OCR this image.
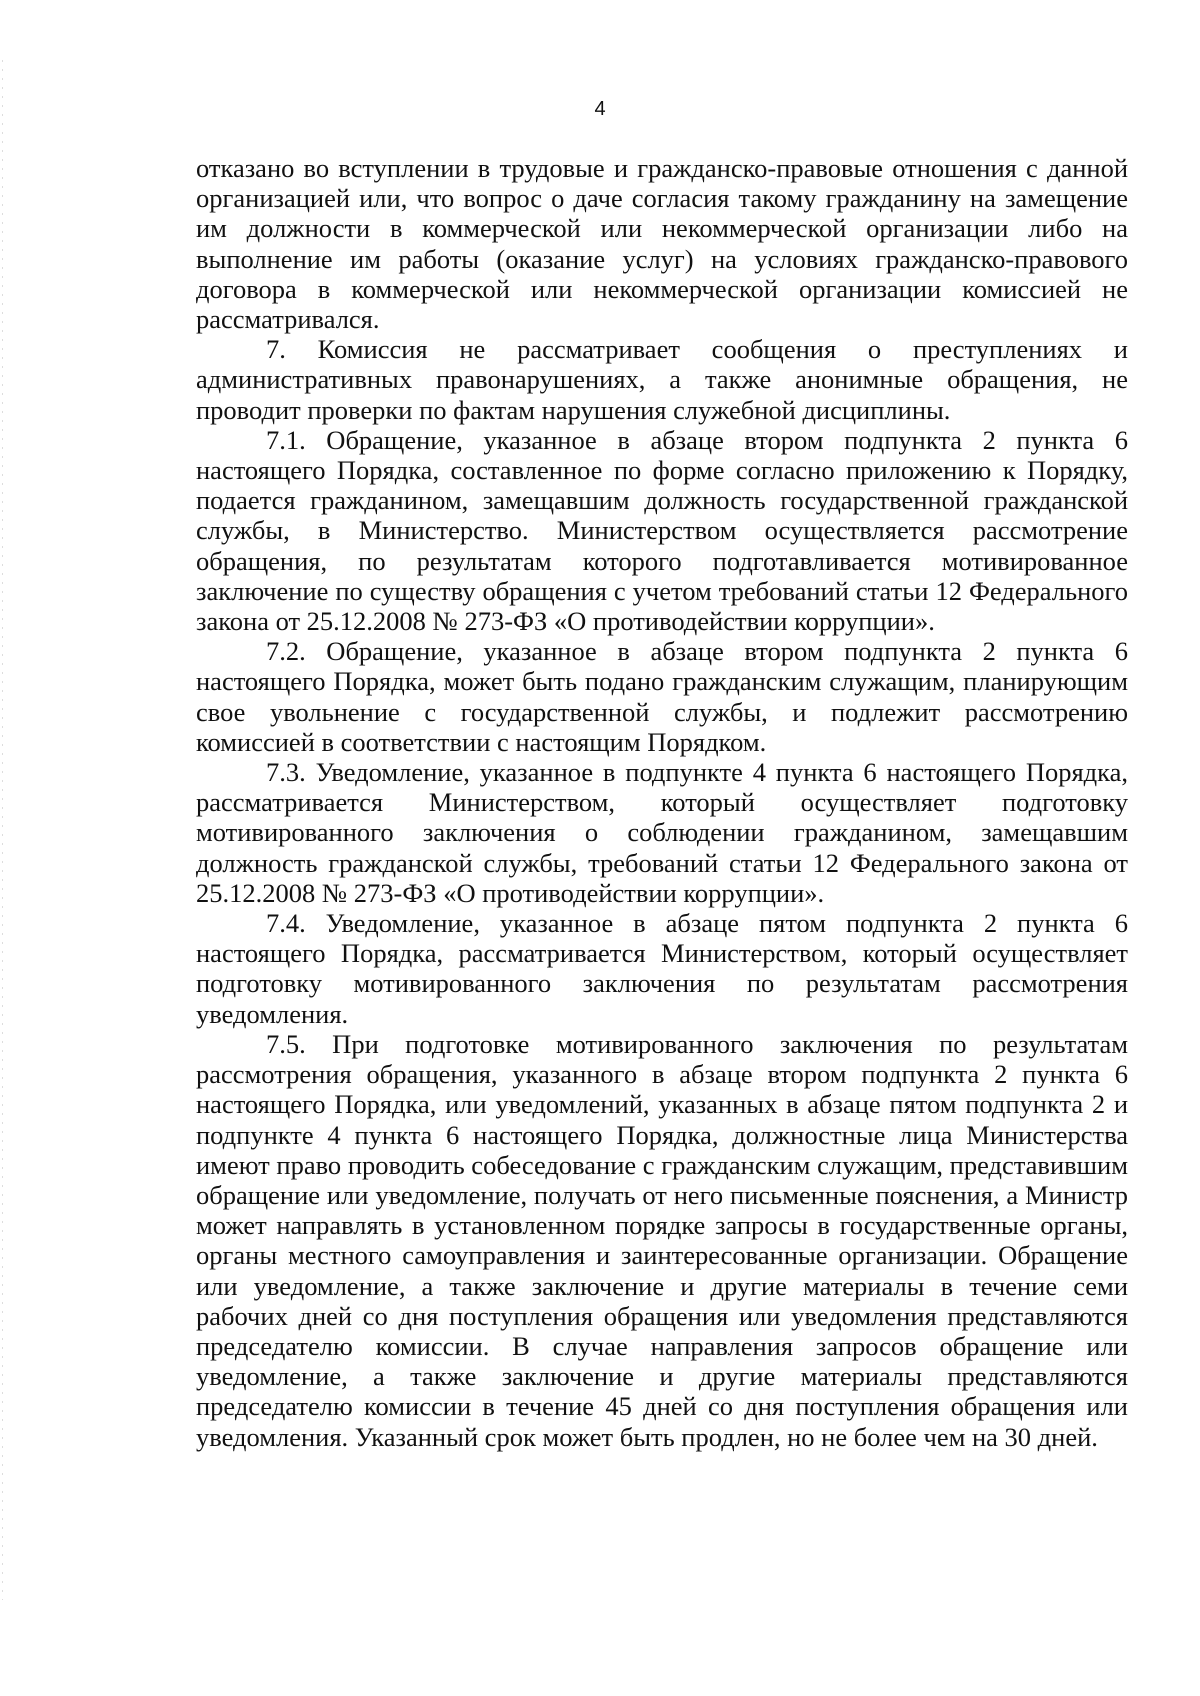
4

отказано во вступлении в трудовые и гражданско-правовые отношения с данной организацией или, что вопрос о даче согласия такому гражданину на замещение им должности в коммерческой или некоммерческой организации либо на выполнение им работы (оказание услуг) на условиях гражданско-правового договора в коммерческой или некоммерческой организации комиссией не рассматривался.

7. Комиссия не рассматривает сообщения о преступлениях и административных правонарушениях, а также анонимные обращения, не проводит проверки по фактам нарушения служебной дисциплины.

7.1. Обращение, указанное в абзаце втором подпункта 2 пункта 6 настоящего Порядка, составленное по форме согласно приложению к Порядку, подается гражданином, замещавшим должность государственной гражданской службы, в Министерство. Министерством осуществляется рассмотрение обращения, по результатам которого подготавливается мотивированное заключение по существу обращения с учетом требований статьи 12 Федерального закона от 25.12.2008 № 273-ФЗ «О противодействии коррупции».

7.2. Обращение, указанное в абзаце втором подпункта 2 пункта 6 настоящего Порядка, может быть подано гражданским служащим, планирующим свое увольнение с государственной службы, и подлежит рассмотрению комиссией в соответствии с настоящим Порядком.

7.3. Уведомление, указанное в подпункте 4 пункта 6 настоящего Порядка, рассматривается Министерством, который осуществляет подготовку мотивированного заключения о соблюдении гражданином, замещавшим должность гражданской службы, требований статьи 12 Федерального закона от 25.12.2008 № 273-ФЗ «О противодействии коррупции».

7.4. Уведомление, указанное в абзаце пятом подпункта 2 пункта 6 настоящего Порядка, рассматривается Министерством, который осуществляет подготовку мотивированного заключения по результатам рассмотрения уведомления.

7.5. При подготовке мотивированного заключения по результатам рассмотрения обращения, указанного в абзаце втором подпункта 2 пункта 6 настоящего Порядка, или уведомлений, указанных в абзаце пятом подпункта 2 и подпункте 4 пункта 6 настоящего Порядка, должностные лица Министерства имеют право проводить собеседование с гражданским служащим, представившим обращение или уведомление, получать от него письменные пояснения, а Министр может направлять в установленном порядке запросы в государственные органы, органы местного самоуправления и заинтересованные организации. Обращение или уведомление, а также заключение и другие материалы в течение семи рабочих дней со дня поступления обращения или уведомления представляются председателю комиссии. В случае направления запросов обращение или уведомление, а также заключение и другие материалы представляются председателю комиссии в течение 45 дней со дня поступления обращения или уведомления. Указанный срок может быть продлен, но не более чем на 30 дней.
